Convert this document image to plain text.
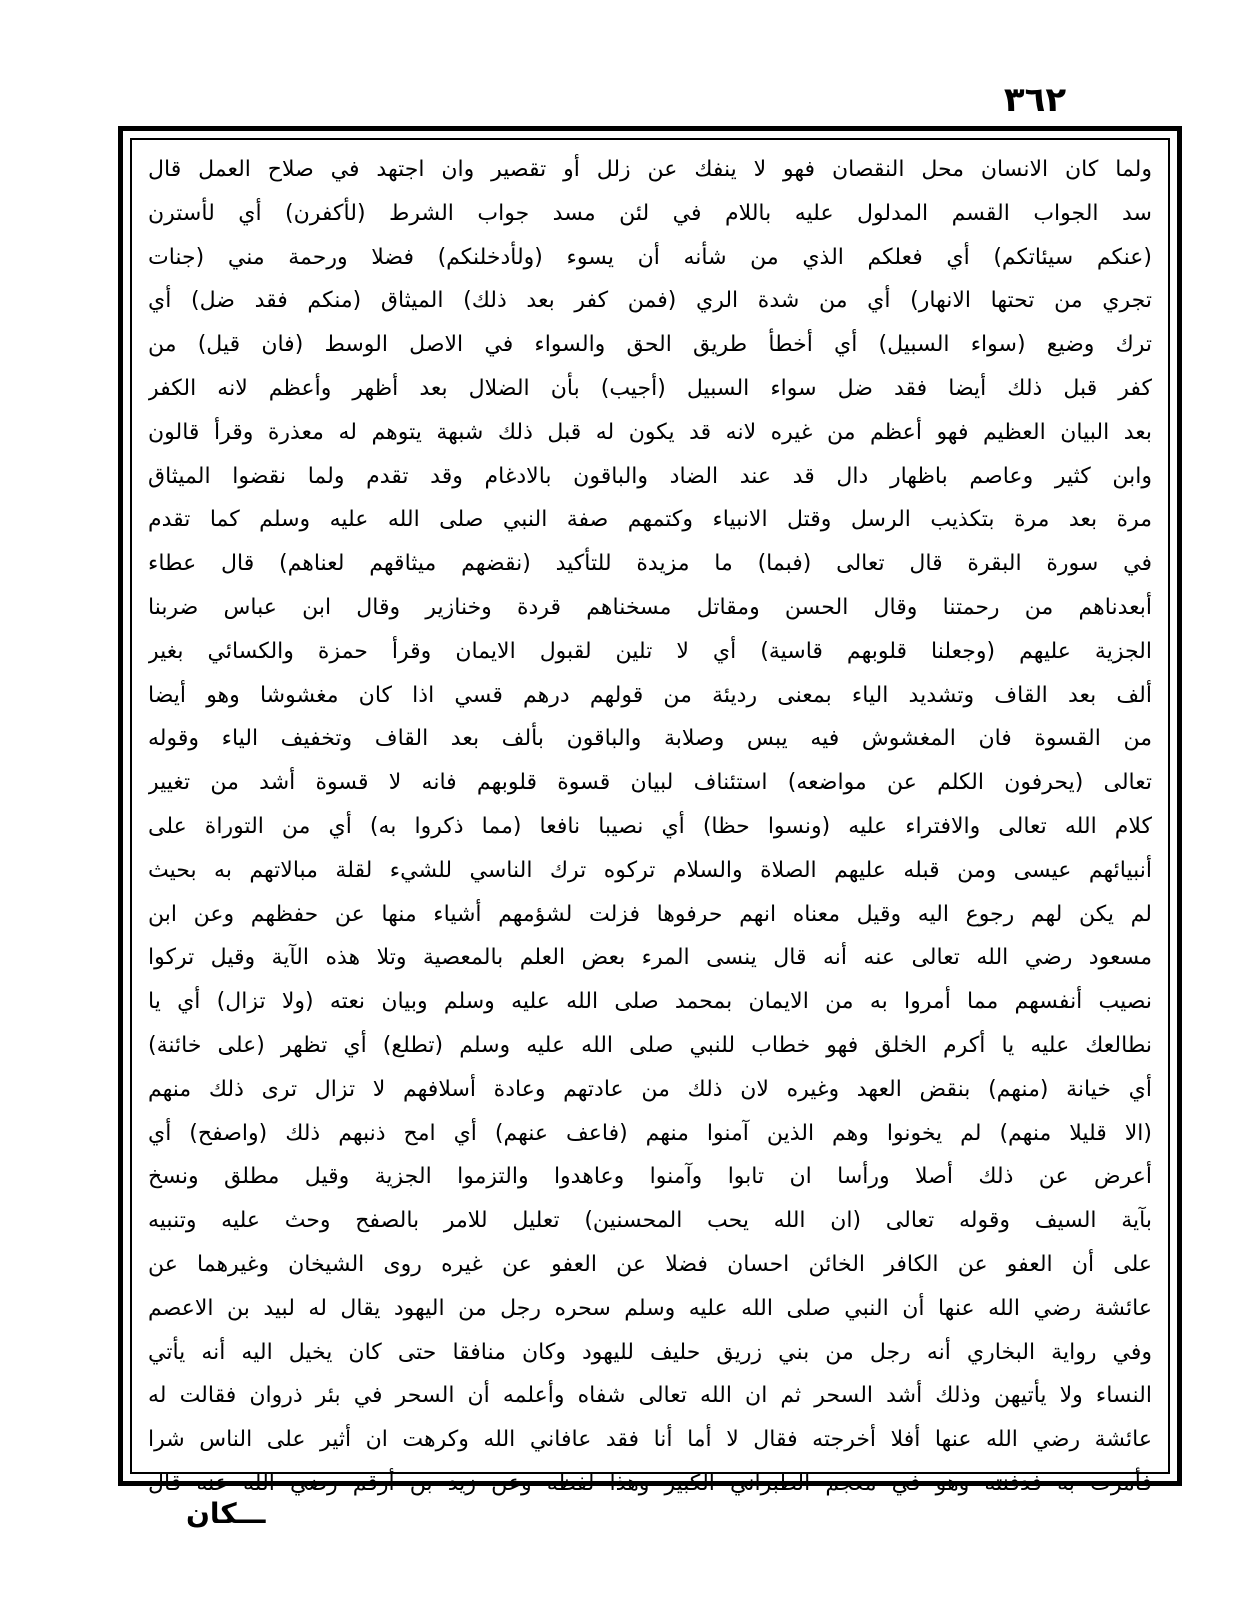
٣٦٢
ولما كان الانسان محل النقصان فهو لا ينفك عن زلل أو تقصير وان اجتهد في صلاح العمل قال
سد الجواب القسم المدلول عليه باللام في لئن مسد جواب الشرط (لأكفرن) أي لأسترن
(عنكم سيئاتكم) أي فعلكم الذي من شأنه أن يسوء (ولأدخلنكم) فضلا ورحمة مني (جنات
تجري من تحتها الانهار) أي من شدة الري (فمن كفر بعد ذلك) الميثاق (منكم فقد ضل) أي
ترك وضيع (سواء السبيل) أي أخطأ طريق الحق والسواء في الاصل الوسط (فان قيل) من
كفر قبل ذلك أيضا فقد ضل سواء السبيل (أجيب) بأن الضلال بعد أظهر وأعظم لانه الكفر
بعد البيان العظيم فهو أعظم من غيره لانه قد يكون له قبل ذلك شبهة يتوهم له معذرة وقرأ قالون
وابن كثير وعاصم باظهار دال قد عند الضاد والباقون بالادغام وقد تقدم ولما نقضوا الميثاق
مرة بعد مرة بتكذيب الرسل وقتل الانبياء وكتمهم صفة النبي صلى الله عليه وسلم كما تقدم
في سورة البقرة قال تعالى (فبما) ما مزيدة للتأكيد (نقضهم ميثاقهم لعناهم) قال عطاء
أبعدناهم من رحمتنا وقال الحسن ومقاتل مسخناهم قردة وخنازير وقال ابن عباس ضربنا
الجزية عليهم (وجعلنا قلوبهم قاسية) أي لا تلين لقبول الايمان وقرأ حمزة والكسائي بغير
ألف بعد القاف وتشديد الياء بمعنى رديئة من قولهم درهم قسي اذا كان مغشوشا وهو أيضا
من القسوة فان المغشوش فيه يبس وصلابة والباقون بألف بعد القاف وتخفيف الياء وقوله
تعالى (يحرفون الكلم عن مواضعه) استئناف لبيان قسوة قلوبهم فانه لا قسوة أشد من تغيير
كلام الله تعالى والافتراء عليه (ونسوا حظا) أي نصيبا نافعا (مما ذكروا به) أي من التوراة على
أنبيائهم عيسى ومن قبله عليهم الصلاة والسلام تركوه ترك الناسي للشيء لقلة مبالاتهم به بحيث
لم يكن لهم رجوع اليه وقيل معناه انهم حرفوها فزلت لشؤمهم أشياء منها عن حفظهم وعن ابن
مسعود رضي الله تعالى عنه أنه قال ينسى المرء بعض العلم بالمعصية وتلا هذه الآية وقيل تركوا
نصيب أنفسهم مما أمروا به من الايمان بمحمد صلى الله عليه وسلم وبيان نعته (ولا تزال) أي يا
نطالعك عليه يا أكرم الخلق فهو خطاب للنبي صلى الله عليه وسلم (تطلع) أي تظهر (على خائنة)
أي خيانة (منهم) بنقض العهد وغيره لان ذلك من عادتهم وعادة أسلافهم لا تزال ترى ذلك منهم
(الا قليلا منهم) لم يخونوا وهم الذين آمنوا منهم (فاعف عنهم) أي امح ذنبهم ذلك (واصفح) أي
أعرض عن ذلك أصلا ورأسا ان تابوا وآمنوا وعاهدوا والتزموا الجزية وقيل مطلق ونسخ
بآية السيف وقوله تعالى (ان الله يحب المحسنين) تعليل للامر بالصفح وحث عليه وتنبيه
على أن العفو عن الكافر الخائن احسان فضلا عن العفو عن غيره روى الشيخان وغيرهما عن
عائشة رضي الله عنها أن النبي صلى الله عليه وسلم سحره رجل من اليهود يقال له لبيد بن الاعصم
وفي رواية البخاري أنه رجل من بني زريق حليف لليهود وكان منافقا حتى كان يخيل اليه أنه يأتي
النساء ولا يأتيهن وذلك أشد السحر ثم ان الله تعالى شفاه وأعلمه أن السحر في بئر ذروان فقالت له
عائشة رضي الله عنها أفلا أخرجته فقال لا أما أنا فقد عافاني الله وكرهت ان أثير على الناس شرا
فأمرت به فدفنته وهو في معجم الطبراني الكبير وهذا لفظه وعن زيد بن أرقم رضي الله عنه قال
ـــكان
